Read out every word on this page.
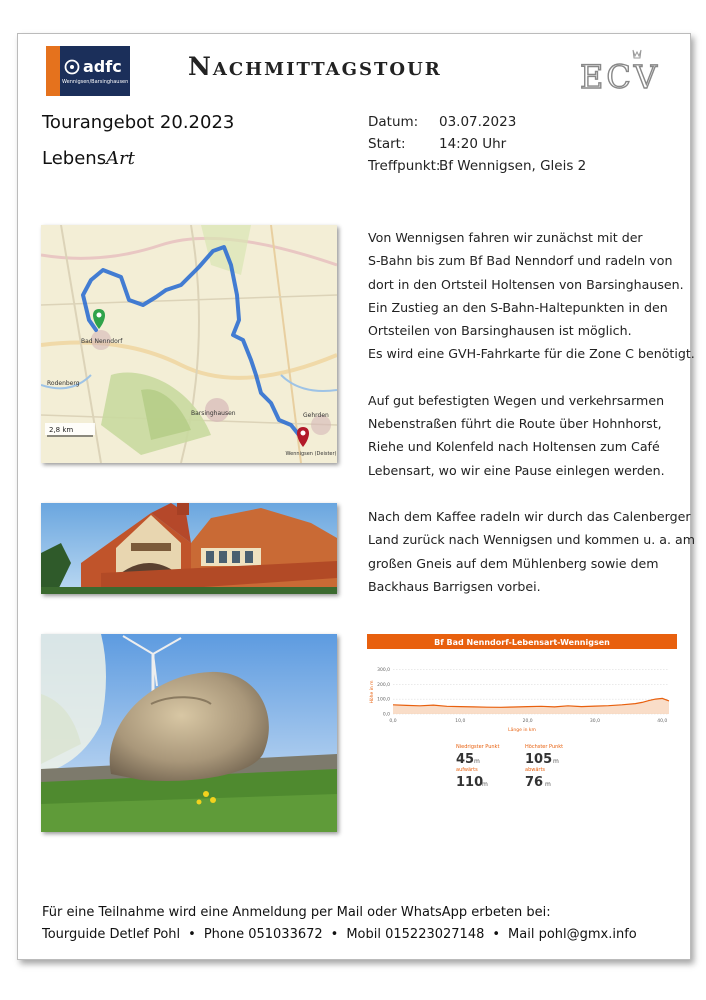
adfc
Wennigsen/Barsinghausen
Nachmittagstour	ECV
Tourangebot 20.2023
LebensArt
Datum:	03.07.2023
Start:	14:20 Uhr
Treffpunkt:
Bf Wennigsen, Gleis 2
Bad Nenndorf
Rodenberg
Barsinghausen	Gehrden
Wennigsen (Deister)
2,8 km

Von Wennigsen fahren wir zunächst mit der
S-Bahn bis zum Bf Bad Nenndorf und radeln von
dort in den Ortsteil Holtensen von Barsinghausen.
Ein Zustieg an den S-Bahn-Haltepunkten in den
Ortsteilen von Barsinghausen ist möglich.
Es wird eine GVH-Fahrkarte für die Zone C benötigt.

Auf gut befestigten Wegen und verkehrsarmen
Nebenstraßen führt die Route über Hohnhorst,
Riehe und Kolenfeld nach Holtensen zum Café
Lebensart, wo wir eine Pause einlegen werden.

Nach dem Kaffee radeln wir durch das Calenberger
Land zurück nach Wennigsen und kommen u. a. am
großen Gneis auf dem Mühlenberg sowie dem
Backhaus Barrigsen vorbei.

Bf Bad Nenndorf-Lebensart-Wennigsen
Höhe in m
300,0
200,0
100,0
0,0
0,0	10,0	20,0	30,0	40,0
Länge in km
Niedrigster Punkt
45 m
Höchster Punkt
105 m
aufwärts
110
m
abwärts
76 m
Für eine Teilnahme wird eine Anmeldung per Mail oder WhatsApp erbeten bei:
Tourguide Detlef Pohl • Phone 051033672 • Mobil 015223027148 • Mail pohl@gmx.info
